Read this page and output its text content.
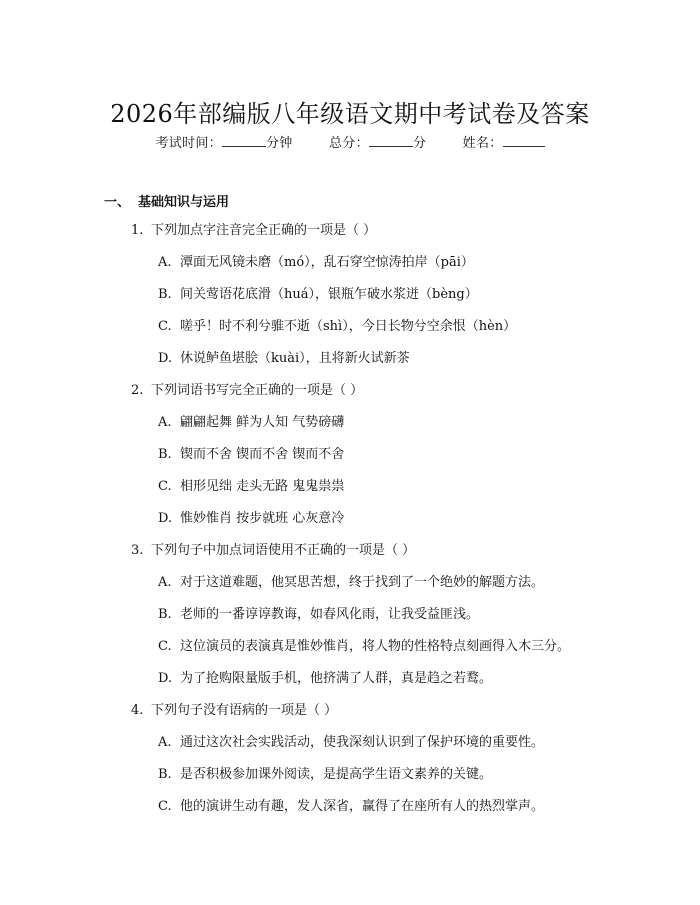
2026年部编版八年级语文期中考试卷及答案
考试时间：	分钟	总分：	分	姓名：
一、 基础知识与运用
1. 下列加点字注音完全正确的一项是（ ）
A. 潭面无风镜未磨（mó），乱石穿空惊涛拍岸（pāi）
B. 间关莺语花底滑（huá），银瓶乍破水浆迸（bèng）
C. 嗟乎！时不利兮骓不逝（shì），今日长物兮空余恨（hèn）
D. 休说鲈鱼堪脍（kuài），且将新火试新茶
2. 下列词语书写完全正确的一项是（ ）
A. 翩翩起舞 鲜为人知 气势磅礴
B. 锲而不舍 锲而不舍 锲而不舍
C. 相形见绌 走头无路 鬼鬼祟祟
D. 惟妙惟肖 按步就班 心灰意冷
3. 下列句子中加点词语使用不正确的一项是（ ）
A. 对于这道难题，他冥思苦想，终于找到了一个绝妙的解题方法。
B. 老师的一番谆谆教诲，如春风化雨，让我受益匪浅。
C. 这位演员的表演真是惟妙惟肖，将人物的性格特点刻画得入木三分。
D. 为了抢购限量版手机，他挤满了人群，真是趋之若鹜。
4. 下列句子没有语病的一项是（ ）
A. 通过这次社会实践活动，使我深刻认识到了保护环境的重要性。
B. 是否积极参加课外阅读，是提高学生语文素养的关键。
C. 他的演讲生动有趣，发人深省，赢得了在座所有人的热烈掌声。
